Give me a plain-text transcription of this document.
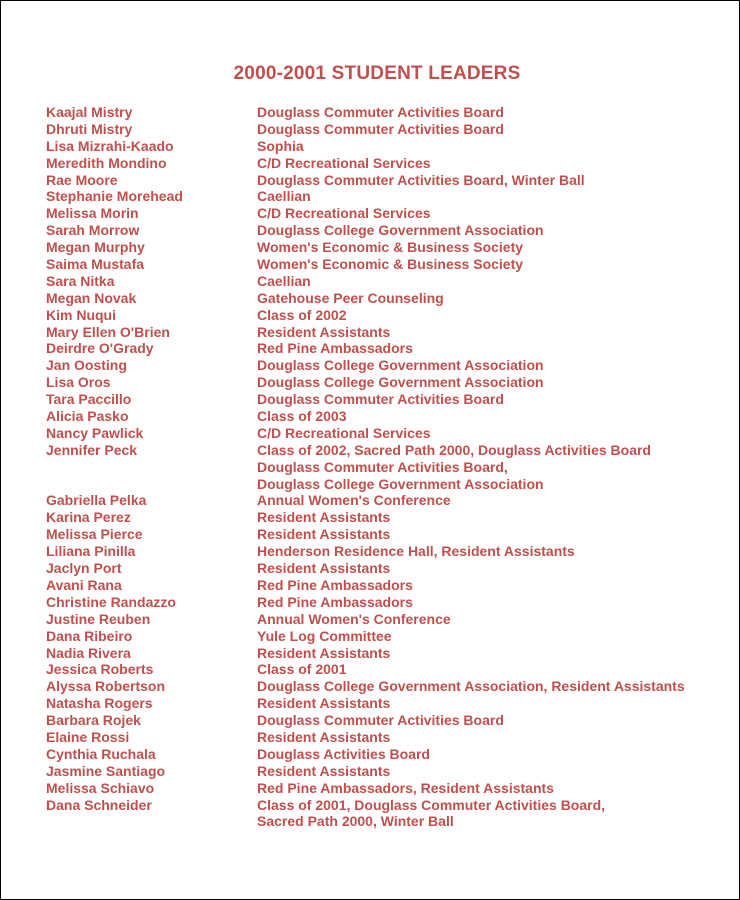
2000-2001 STUDENT LEADERS
Kaajal Mistry	Douglass Commuter Activities Board
Dhruti Mistry	Douglass Commuter Activities Board
Lisa Mizrahi-Kaado	Sophia
Meredith Mondino	C/D Recreational Services
Rae Moore	Douglass Commuter Activities Board, Winter Ball
Stephanie Morehead	Caellian
Melissa Morin	C/D Recreational Services
Sarah Morrow	Douglass College Government Association
Megan Murphy	Women's Economic & Business Society
Saima Mustafa	Women's Economic & Business Society
Sara Nitka	Caellian
Megan Novak	Gatehouse Peer Counseling
Kim Nuqui	Class of 2002
Mary Ellen O'Brien	Resident Assistants
Deirdre O'Grady	Red Pine Ambassadors
Jan Oosting	Douglass College Government Association
Lisa Oros	Douglass College Government Association
Tara Paccillo	Douglass Commuter Activities Board
Alicia Pasko	Class of 2003
Nancy Pawlick	C/D Recreational Services
Jennifer Peck	Class of 2002, Sacred Path 2000, Douglass Activities Board
Douglass Commuter Activities Board,
Douglass College Government Association
Gabriella Pelka	Annual Women's Conference
Karina Perez	Resident Assistants
Melissa Pierce	Resident Assistants
Liliana Pinilla	Henderson Residence Hall, Resident Assistants
Jaclyn Port	Resident Assistants
Avani Rana	Red Pine Ambassadors
Christine Randazzo	Red Pine Ambassadors
Justine Reuben	Annual Women's Conference
Dana Ribeiro	Yule Log Committee
Nadia Rivera	Resident Assistants
Jessica Roberts	Class of 2001
Alyssa Robertson	Douglass College Government Association, Resident Assistants
Natasha Rogers	Resident Assistants
Barbara Rojek	Douglass Commuter Activities Board
Elaine Rossi	Resident Assistants
Cynthia Ruchala	Douglass Activities Board
Jasmine Santiago	Resident Assistants
Melissa Schiavo	Red Pine Ambassadors, Resident Assistants
Dana Schneider	Class of 2001, Douglass Commuter Activities Board,
Sacred Path 2000, Winter Ball
